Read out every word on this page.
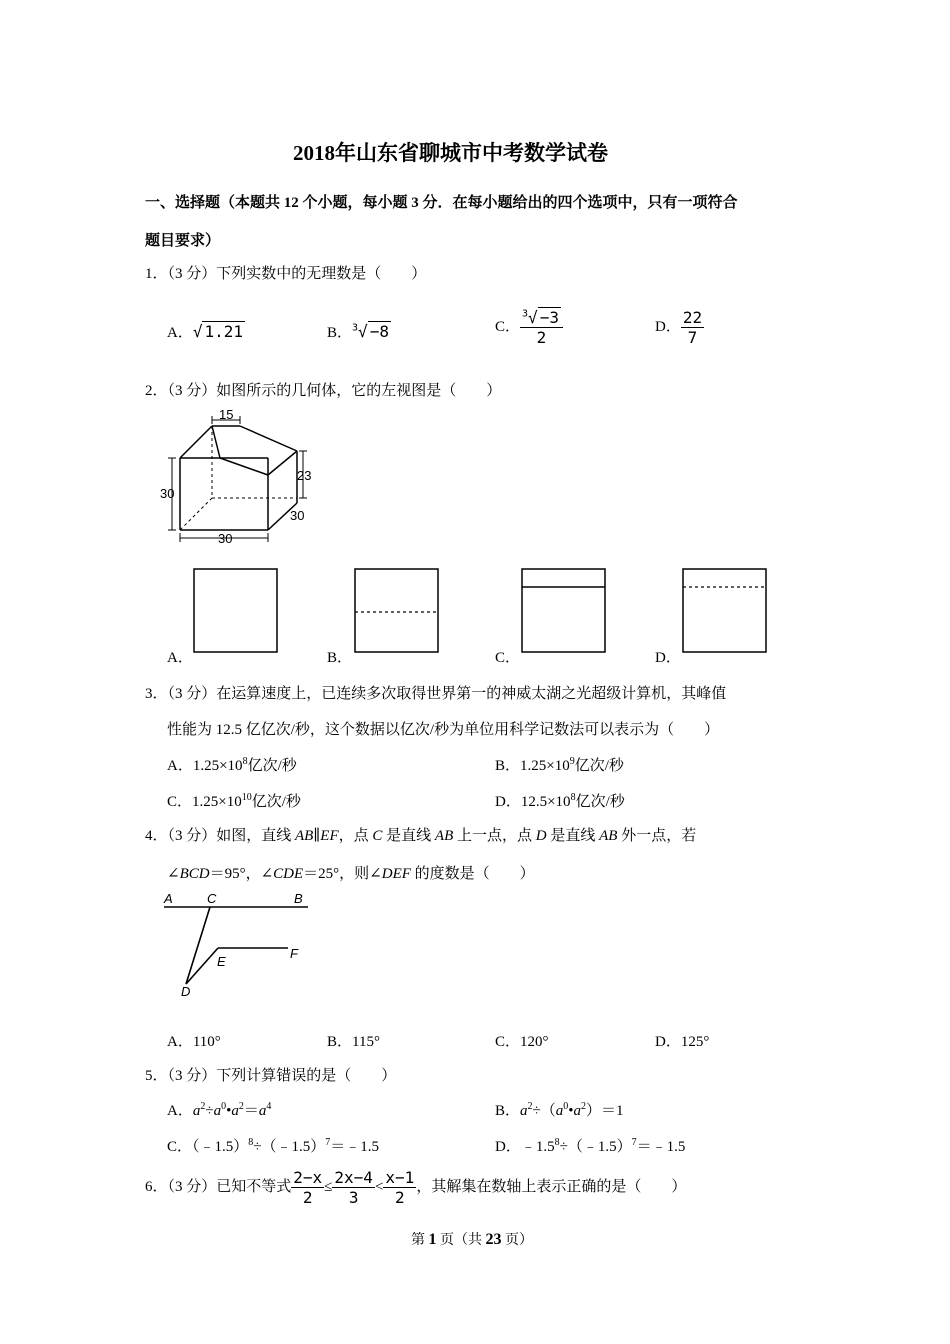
2018年山东省聊城市中考数学试卷
一、选择题（本题共 12 个小题，每小题 3 分．在每小题给出的四个选项中，只有一项符合
题目要求）
1．（3 分）下列实数中的无理数是（　　）
A．√ 1.21	B．$^3$√ −8	C． $\frac{^3√ -3}{2}$	D． $\frac{22}{7}$
2．（3 分）如图所示的几何体，它的左视图是（　　）
15
23
30
30
30
A．	B．	C．	D．
3．（3 分）在运算速度上，已连续多次取得世界第一的神威太湖之光超级计算机，其峰值
性能为 12.5 亿亿次/秒，这个数据以亿次/秒为单位用科学记数法可以表示为（　　）
A．$1.25\times 10^8$亿次/秒	B．$1.25\times 10^9$亿次/秒
C．$1.25\times 10^{10}$亿次/秒	D．$12.5\times 10^8$亿次/秒
4．（3 分）如图，直线 AB∥EF，点 C 是直线 AB 上一点，点 D 是直线 AB 外一点，若
∠BCD＝95°，∠CDE＝25°，则∠DEF 的度数是（　　）
A	C	B
E
F
D
A．110°	B．115°	C．120°	D．125°
5．（3 分）下列计算错误的是（　　）
A．$a^2\div a^0•a^2=a^4$	B．$a^2\div(a^0•a^2)=1$
C．（﹣1.5）$^8$÷（﹣1.5）$^7$＝﹣1.5	D．$﹣1.5^8\div(﹣1.5)^7=﹣1.5$
6．（3 分）已知不等式 $\frac{2-x}{2} \le \frac{2x-4}{3} < \frac{x-1}{2}$ ，其解集在数轴上表示正确的是（　　）
第 1 页（共 23 页）
